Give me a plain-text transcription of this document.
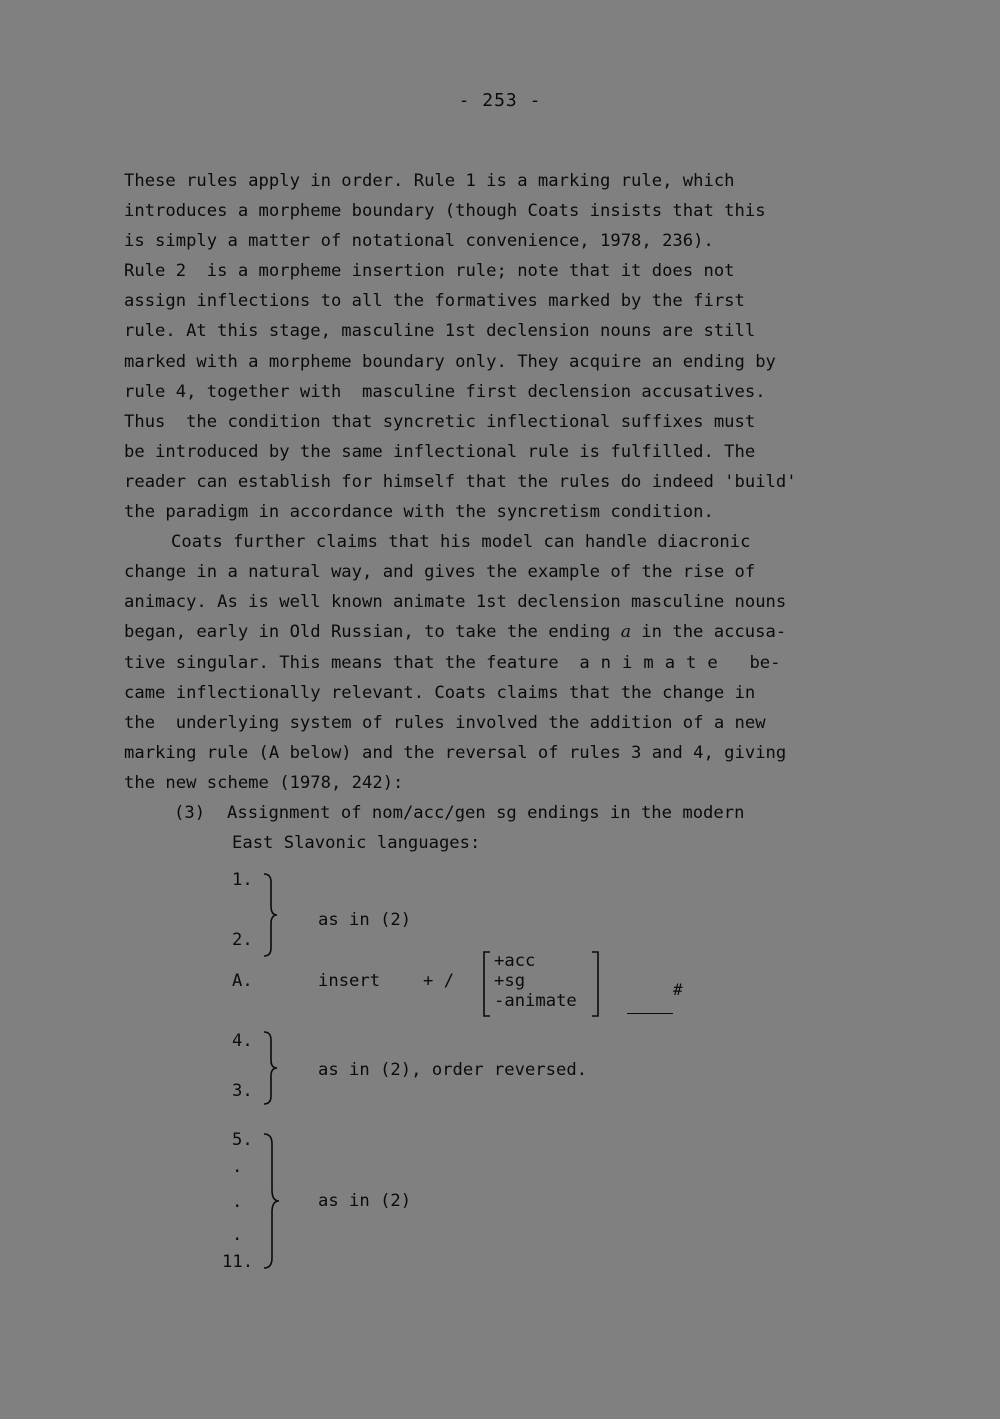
- 253 -
These rules apply in order. Rule 1 is a marking rule, which
introduces a morpheme boundary (though Coats insists that this
is simply a matter of notational convenience, 1978, 236).
Rule 2  is a morpheme insertion rule; note that it does not
assign inflections to all the formatives marked by the first
rule. At this stage, masculine 1st declension nouns are still
marked with a morpheme boundary only. They acquire an ending by
rule 4, together with  masculine first declension accusatives.
Thus  the condition that syncretic inflectional suffixes must
be introduced by the same inflectional rule is fulfilled. The
reader can establish for himself that the rules do indeed 'build'
the paradigm in accordance with the syncretism condition.
Coats further claims that his model can handle diacronic
change in a natural way, and gives the example of the rise of
animacy. As is well known animate 1st declension masculine nouns
began, early in Old Russian, to take the ending a in the accusa-
tive singular. This means that the feature  animate  be-
came inflectionally relevant. Coats claims that the change in
the  underlying system of rules involved the addition of a new
marking rule (A below) and the reversal of rules 3 and 4, giving
the new scheme (1978, 242):
(3) Assignment of nom/acc/gen sg endings in the modern
East Slavonic languages:
1.
2.
as in (2)
A.	insert + /
+acc
+sg
-animate
#
4.
3.
as in (2), order reversed.
5.
.
.
.
11.
as in (2)
